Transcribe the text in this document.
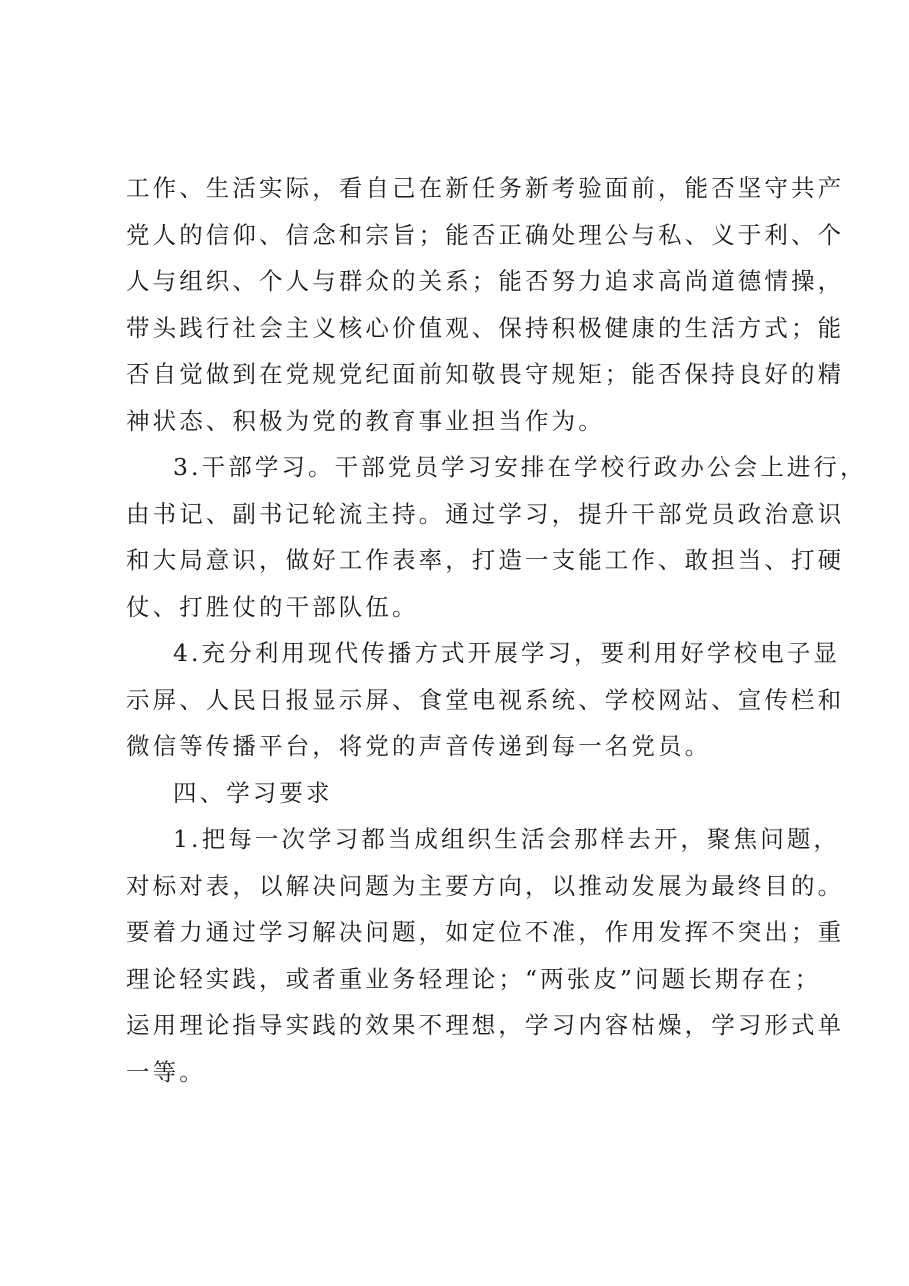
工作、生活实际，看自己在新任务新考验面前，能否坚守共产
党人的信仰、信念和宗旨；能否正确处理公与私、义于利、个
人与组织、个人与群众的关系；能否努力追求高尚道德情操，
带头践行社会主义核心价值观、保持积极健康的生活方式；能
否自觉做到在党规党纪面前知敬畏守规矩；能否保持良好的精
神状态、积极为党的教育事业担当作为。
3.干部学习。干部党员学习安排在学校行政办公会上进行，
由书记、副书记轮流主持。通过学习，提升干部党员政治意识
和大局意识，做好工作表率，打造一支能工作、敢担当、打硬
仗、打胜仗的干部队伍。
4.充分利用现代传播方式开展学习，要利用好学校电子显
示屏、人民日报显示屏、食堂电视系统、学校网站、宣传栏和
微信等传播平台，将党的声音传递到每一名党员。
四、学习要求
1.把每一次学习都当成组织生活会那样去开，聚焦问题，
对标对表，以解决问题为主要方向，以推动发展为最终目的。
要着力通过学习解决问题，如定位不准，作用发挥不突出；重
理论轻实践，或者重业务轻理论；“两张皮”问题长期存在；
运用理论指导实践的效果不理想，学习内容枯燥，学习形式单
一等。
